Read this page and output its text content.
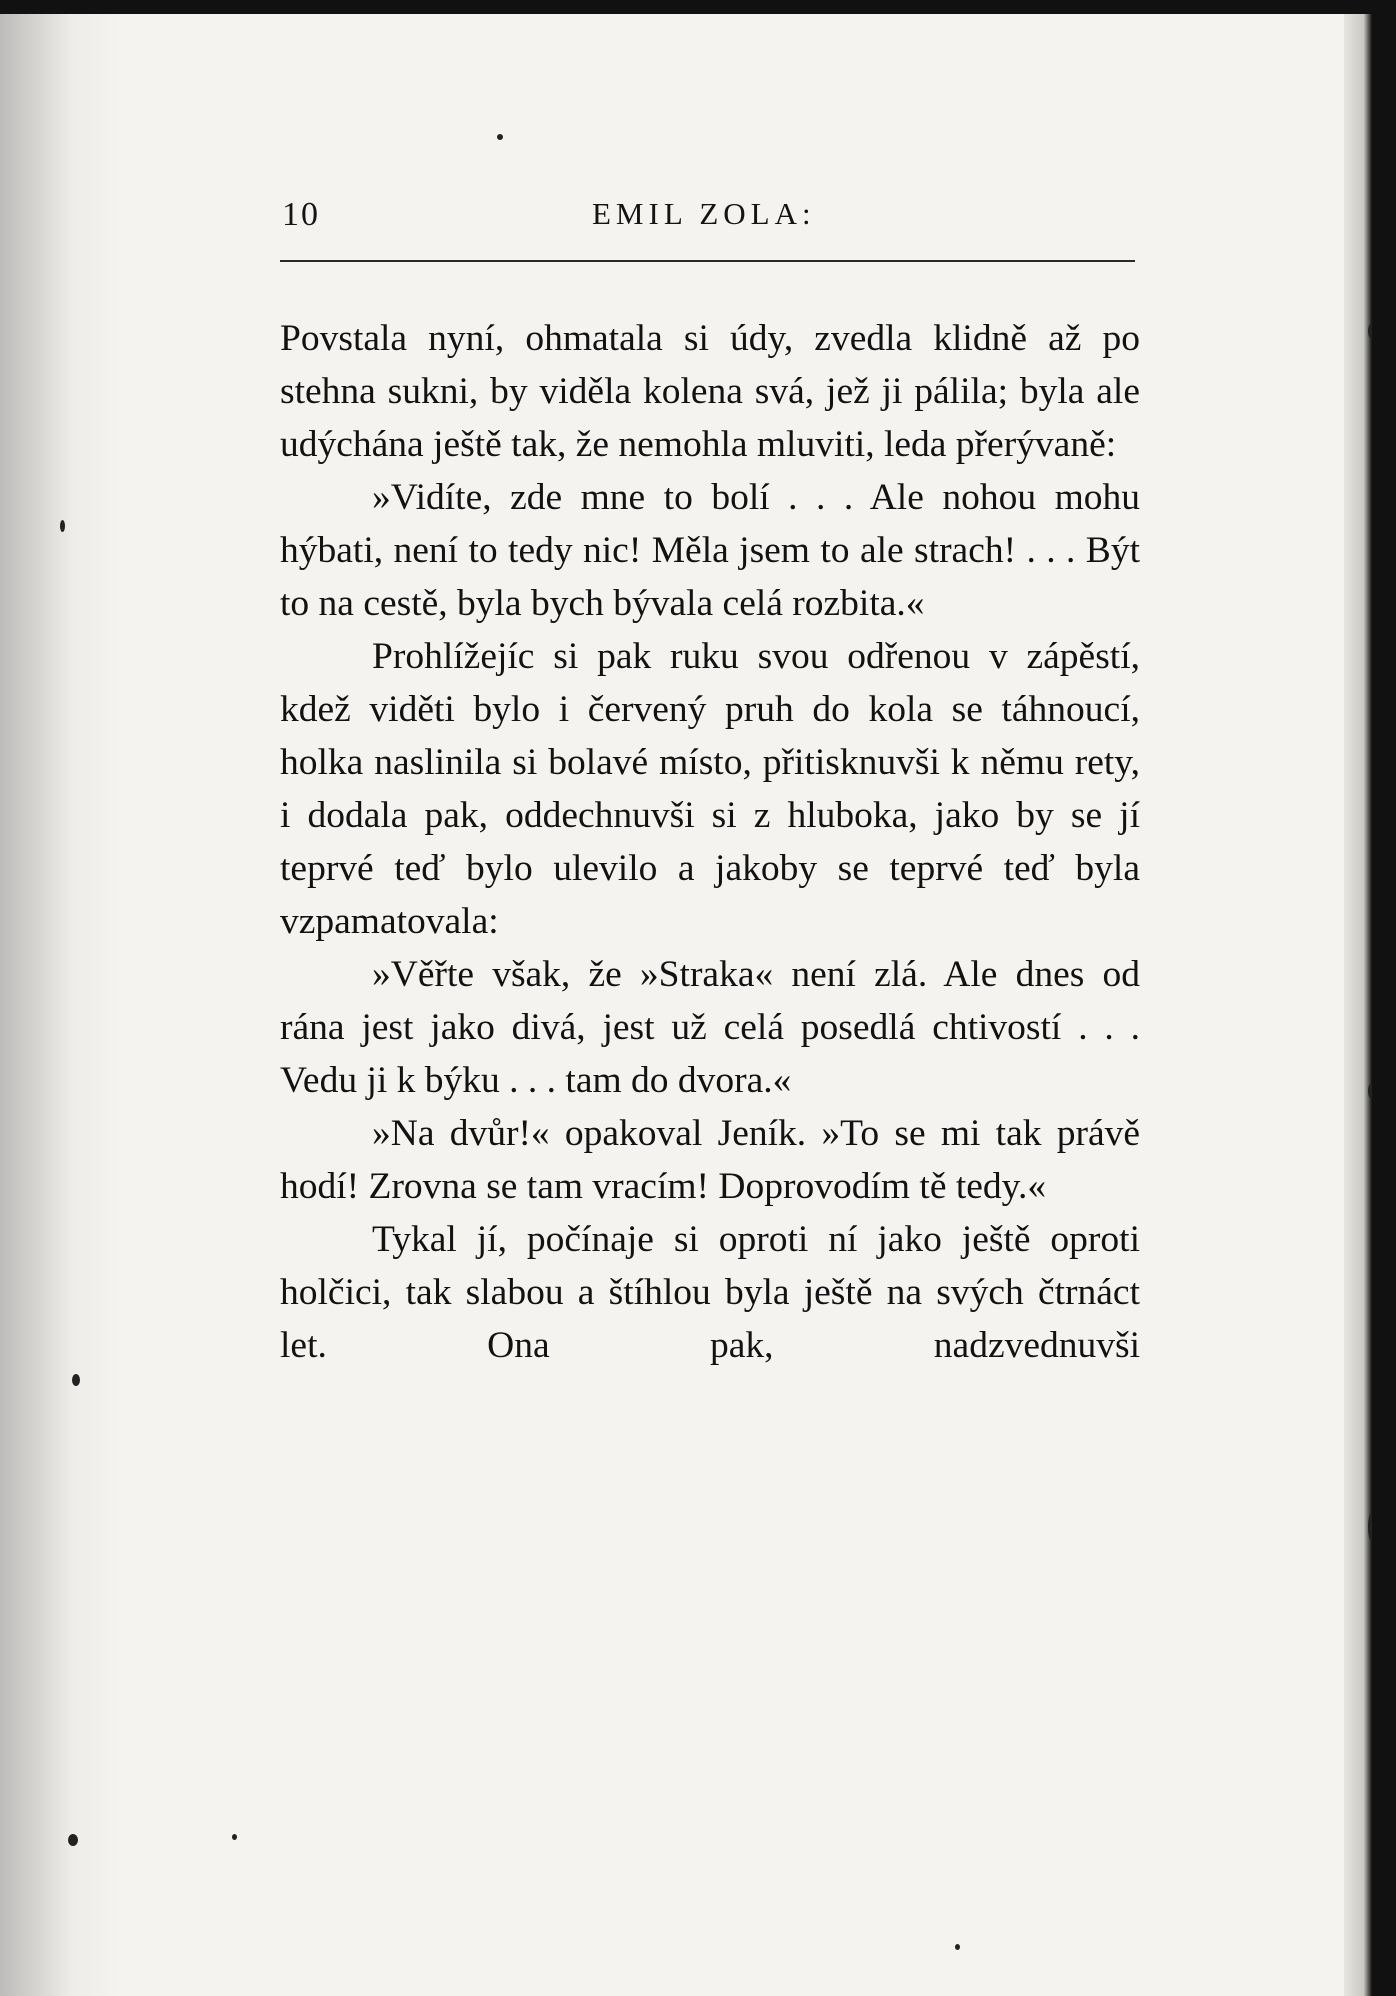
10	EMIL ZOLA:

Povstala nyní, ohmatala si údy, zvedla klidně až po stehna sukni, by viděla kolena svá, jež ji pálila; byla ale udýchána ještě tak, že nemohla mluviti, leda přerývaně:

»Vidíte, zde mne to bolí . . . Ale nohou mohu hýbati, není to tedy nic! Měla jsem to ale strach! . . . Být to na cestě, byla bych bývala celá rozbita.«

Prohlížejíc si pak ruku svou odřenou v zápěstí, kdež viděti bylo i červený pruh do kola se táhnoucí, holka naslinila si bolavé místo, přitisknuvši k němu rety, i dodala pak, oddechnuvši si z hluboka, jako by se jí teprvé teď bylo ulevilo a jakoby se teprvé teď byla vzpamatovala:

»Věřte však, že »Straka« není zlá. Ale dnes od rána jest jako divá, jest už celá posedlá chtivostí . . . Vedu ji k býku . . . tam do dvora.«

»Na dvůr!« opakoval Jeník. »To se mi tak právě hodí! Zrovna se tam vracím! Doprovodím tě tedy.«

Tykal jí, počínaje si oproti ní jako ještě oproti holčici, tak slabou a štíhlou byla ještě na svých čtrnáct let. Ona pak, nadzvednuvši
